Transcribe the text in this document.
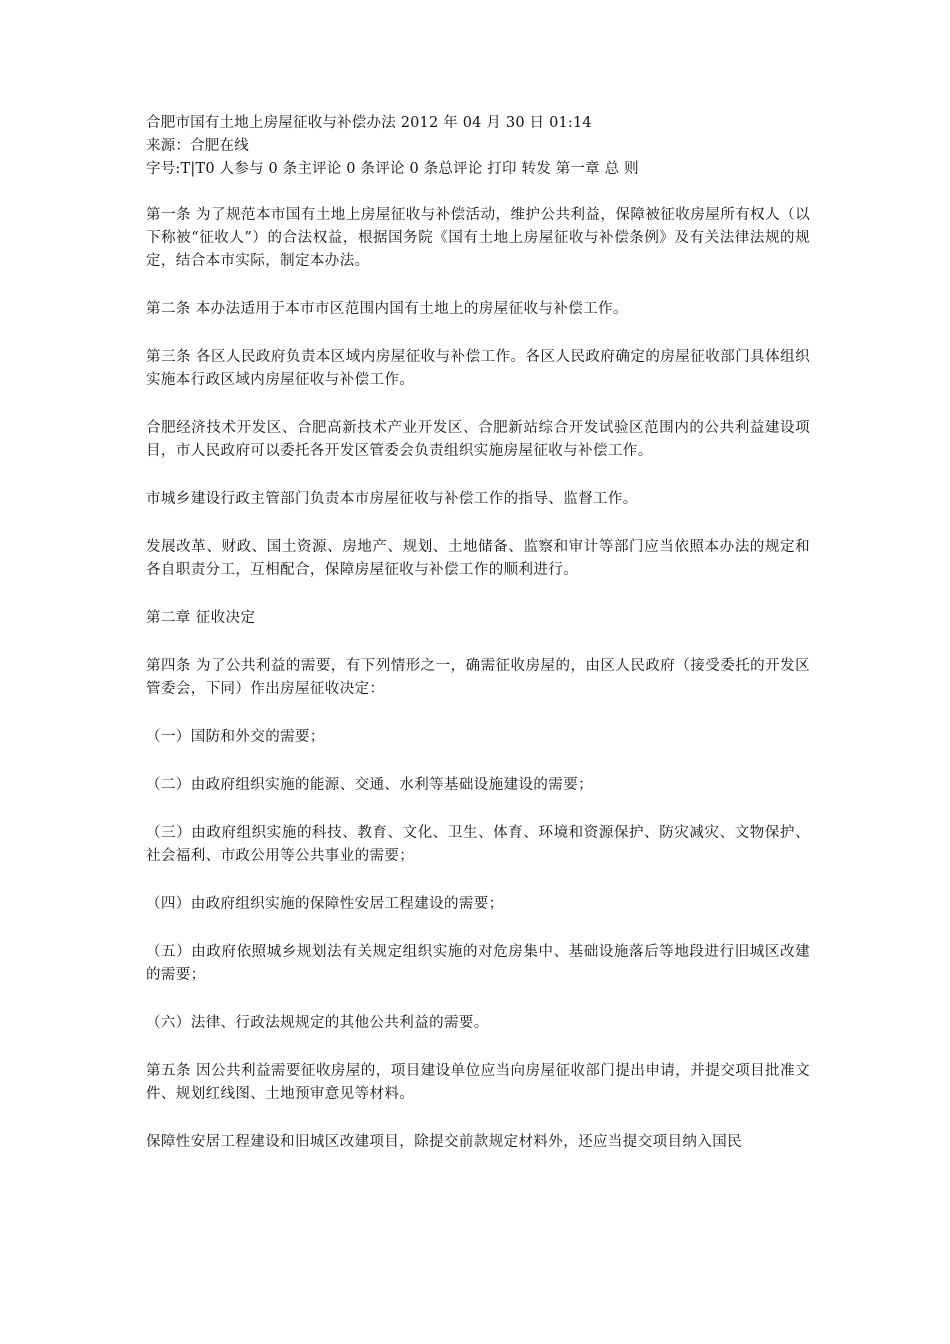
合肥市国有土地上房屋征收与补偿办法 2012 年 04 月 30 日 01:14

来源：合肥在线

字号:T|T0 人参与 0 条主评论 0 条评论 0 条总评论 打印 转发 第一章 总 则

第一条 为了规范本市国有土地上房屋征收与补偿活动，维护公共利益，保障被征收房屋所有权人（以下称被“征收人”）的合法权益，根据国务院《国有土地上房屋征收与补偿条例》及有关法律法规的规定，结合本市实际，制定本办法。

第二条 本办法适用于本市市区范围内国有土地上的房屋征收与补偿工作。

第三条 各区人民政府负责本区域内房屋征收与补偿工作。各区人民政府确定的房屋征收部门具体组织实施本行政区域内房屋征收与补偿工作。

合肥经济技术开发区、合肥高新技术产业开发区、合肥新站综合开发试验区范围内的公共利益建设项目，市人民政府可以委托各开发区管委会负责组织实施房屋征收与补偿工作。

市城乡建设行政主管部门负责本市房屋征收与补偿工作的指导、监督工作。

发展改革、财政、国土资源、房地产、规划、土地储备、监察和审计等部门应当依照本办法的规定和各自职责分工，互相配合，保障房屋征收与补偿工作的顺利进行。

第二章 征收决定

第四条 为了公共利益的需要，有下列情形之一，确需征收房屋的，由区人民政府（接受委托的开发区管委会，下同）作出房屋征收决定：

（一）国防和外交的需要；

（二）由政府组织实施的能源、交通、水利等基础设施建设的需要；

（三）由政府组织实施的科技、教育、文化、卫生、体育、环境和资源保护、防灾减灾、文物保护、社会福利、市政公用等公共事业的需要；

（四）由政府组织实施的保障性安居工程建设的需要；

（五）由政府依照城乡规划法有关规定组织实施的对危房集中、基础设施落后等地段进行旧城区改建的需要；

（六）法律、行政法规规定的其他公共利益的需要。

第五条 因公共利益需要征收房屋的，项目建设单位应当向房屋征收部门提出申请，并提交项目批准文件、规划红线图、土地预审意见等材料。

保障性安居工程建设和旧城区改建项目，除提交前款规定材料外，还应当提交项目纳入国民
